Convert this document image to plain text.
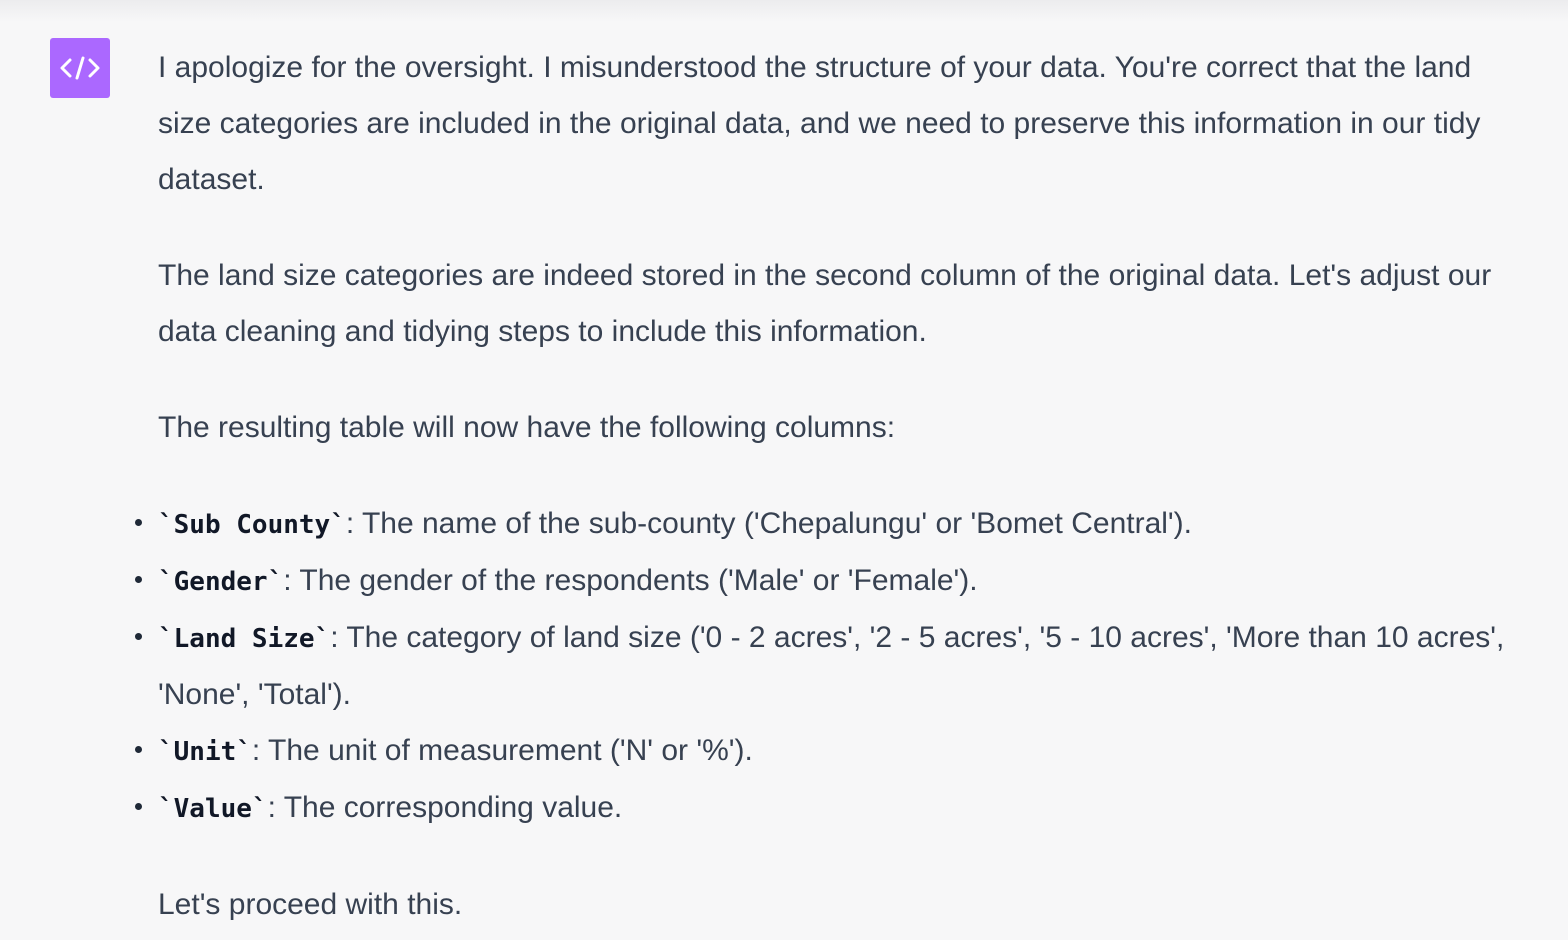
I apologize for the oversight. I misunderstood the structure of your data. You're correct that the land size categories are included in the original data, and we need to preserve this information in our tidy dataset.

The land size categories are indeed stored in the second column of the original data. Let's adjust our data cleaning and tidying steps to include this information.

The resulting table will now have the following columns:

`Sub County`: The name of the sub-county ('Chepalungu' or 'Bomet Central').
`Gender`: The gender of the respondents ('Male' or 'Female').
`Land Size`: The category of land size ('0 - 2 acres', '2 - 5 acres', '5 - 10 acres', 'More than 10 acres', 'None', 'Total').
`Unit`: The unit of measurement ('N' or '%').
`Value`: The corresponding value.

Let's proceed with this.
